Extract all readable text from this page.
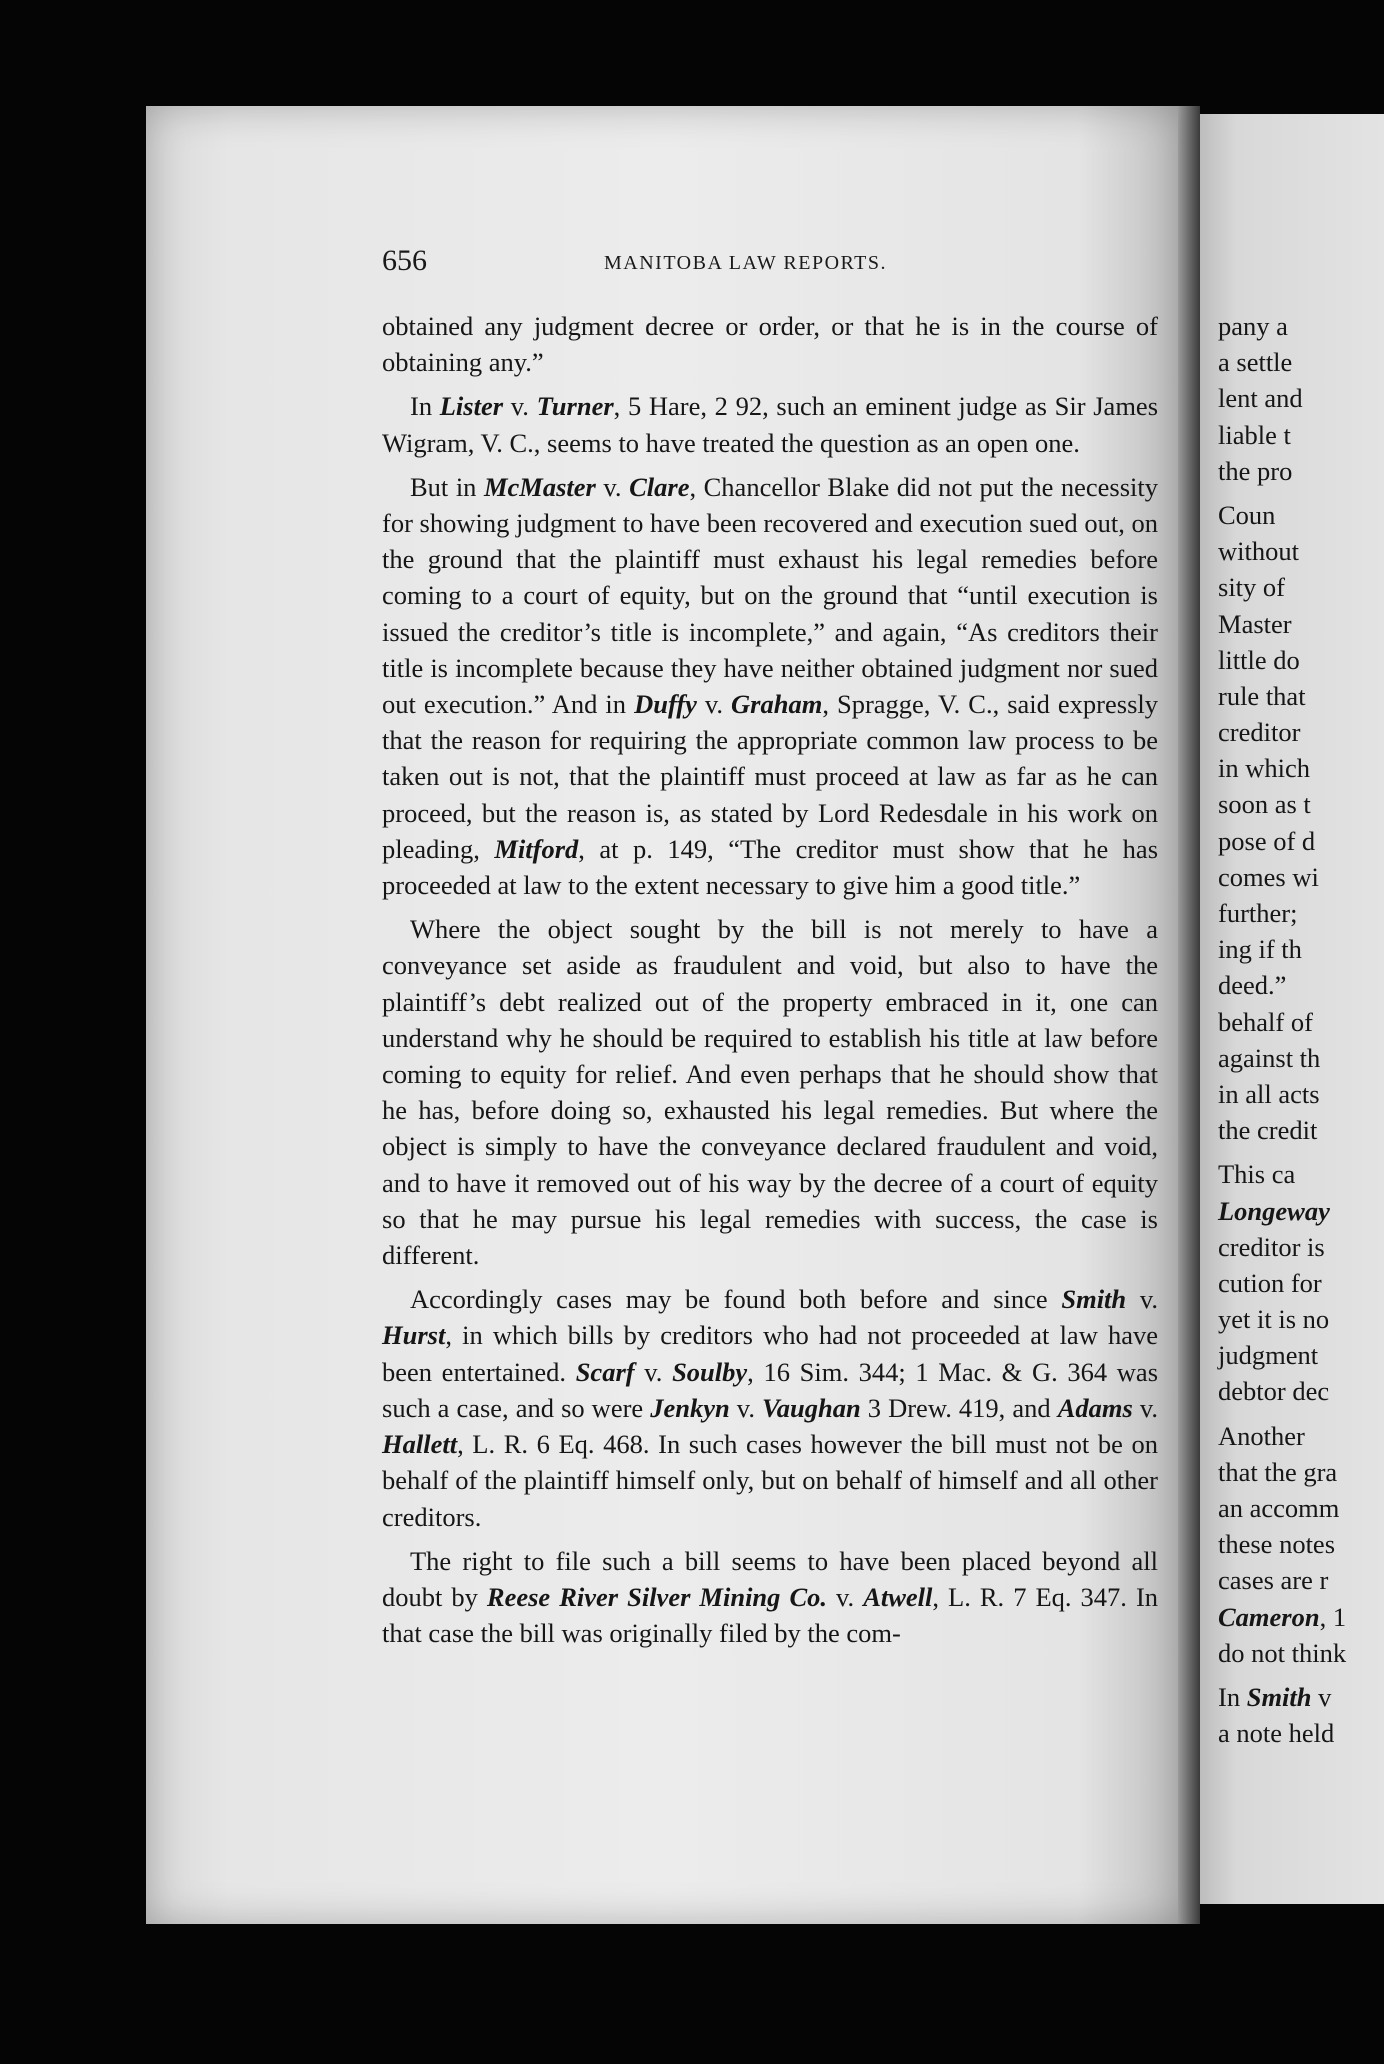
pany a
a settle
lent and
liable t
the pro
Coun
without
sity of
Master
little do
rule that
creditor
in which
soon as t
pose of d
comes wi
further;
ing if th
deed.”
behalf of
against th
in all acts
the credit
This ca
Longeway
creditor is
cution for
yet it is no
judgment
debtor dec
Another
that the gra
an accomm
these notes
cases are r
Cameron, 1
do not think
In Smith v
a note held
656	MANITOBA LAW REPORTS.

obtained any judgment decree or order, or that he is in the course of obtaining any.”

In Lister v. Turner, 5 Hare, 2 92, such an eminent judge as Sir James Wigram, V. C., seems to have treated the question as an open one.

But in McMaster v. Clare, Chancellor Blake did not put the necessity for showing judgment to have been recovered and execution sued out, on the ground that the plaintiff must exhaust his legal remedies before coming to a court of equity, but on the ground that “until execution is issued the creditor’s title is incomplete,” and again, “As creditors their title is incomplete because they have neither obtained judgment nor sued out execution.” And in Duffy v. Graham, Spragge, V. C., said expressly that the reason for requiring the appropriate common law process to be taken out is not, that the plaintiff must proceed at law as far as he can proceed, but the reason is, as stated by Lord Redesdale in his work on pleading, Mitford, at p. 149, “The creditor must show that he has proceeded at law to the extent necessary to give him a good title.”

Where the object sought by the bill is not merely to have a conveyance set aside as fraudulent and void, but also to have the plaintiff’s debt realized out of the property embraced in it, one can understand why he should be required to establish his title at law before coming to equity for relief. And even perhaps that he should show that he has, before doing so, exhausted his legal remedies. But where the object is simply to have the conveyance declared fraudulent and void, and to have it removed out of his way by the decree of a court of equity so that he may pursue his legal remedies with success, the case is different.

Accordingly cases may be found both before and since Smith v. Hurst, in which bills by creditors who had not proceeded at law have been entertained. Scarf v. Soulby, 16 Sim. 344; 1 Mac. & G. 364 was such a case, and so were Jenkyn v. Vaughan 3 Drew. 419, and Adams v. Hallett, L. R. 6 Eq. 468. In such cases however the bill must not be on behalf of the plaintiff himself only, but on behalf of himself and all other creditors.

The right to file such a bill seems to have been placed beyond all doubt by Reese River Silver Mining Co. v. Atwell, L. R. 7 Eq. 347. In that case the bill was originally filed by the com-
